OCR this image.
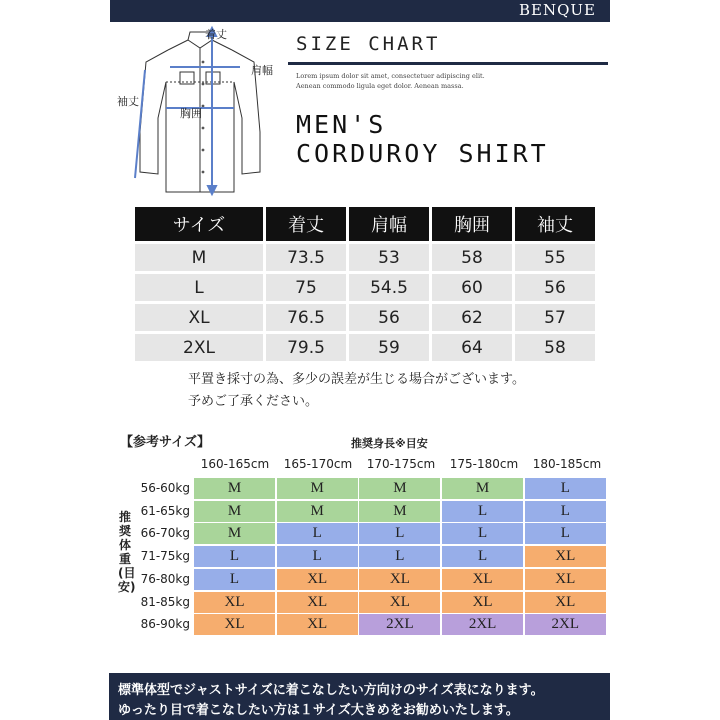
BENQUE
着丈
肩幅
袖丈
胸囲
SIZE CHART
Lorem ipsum dolor sit amet, consectetuer adipiscing elit.
Aenean commodo ligula eget dolor. Aenean massa.
MEN'S
CORDUROY SHIRT
サイズ	着丈	肩幅	胸囲	袖丈
M	73.5	53	58	55
L	75	54.5	60	56
XL	76.5	56	62	57
2XL	79.5	59	64	58
平置き採寸の為、多少の誤差が生じる場合がございます。
予めご了承ください。
【参考サイズ】	推奨身長※目安
160-165cm	165-170cm	170-175cm	175-180cm	180-185cm
推奨体重(目安)
56-60kg	M	M	M	M	L
61-65kg	M	M	M	L	L
66-70kg	M	L	L	L	L
71-75kg	L	L	L	L	XL
76-80kg	L	XL	XL	XL	XL
81-85kg	XL	XL	XL	XL	XL
86-90kg	XL	XL	2XL	2XL	2XL
標準体型でジャストサイズに着こなしたい方向けのサイズ表になります。
ゆったり目で着こなしたい方は１サイズ大きめをお勧めいたします。
